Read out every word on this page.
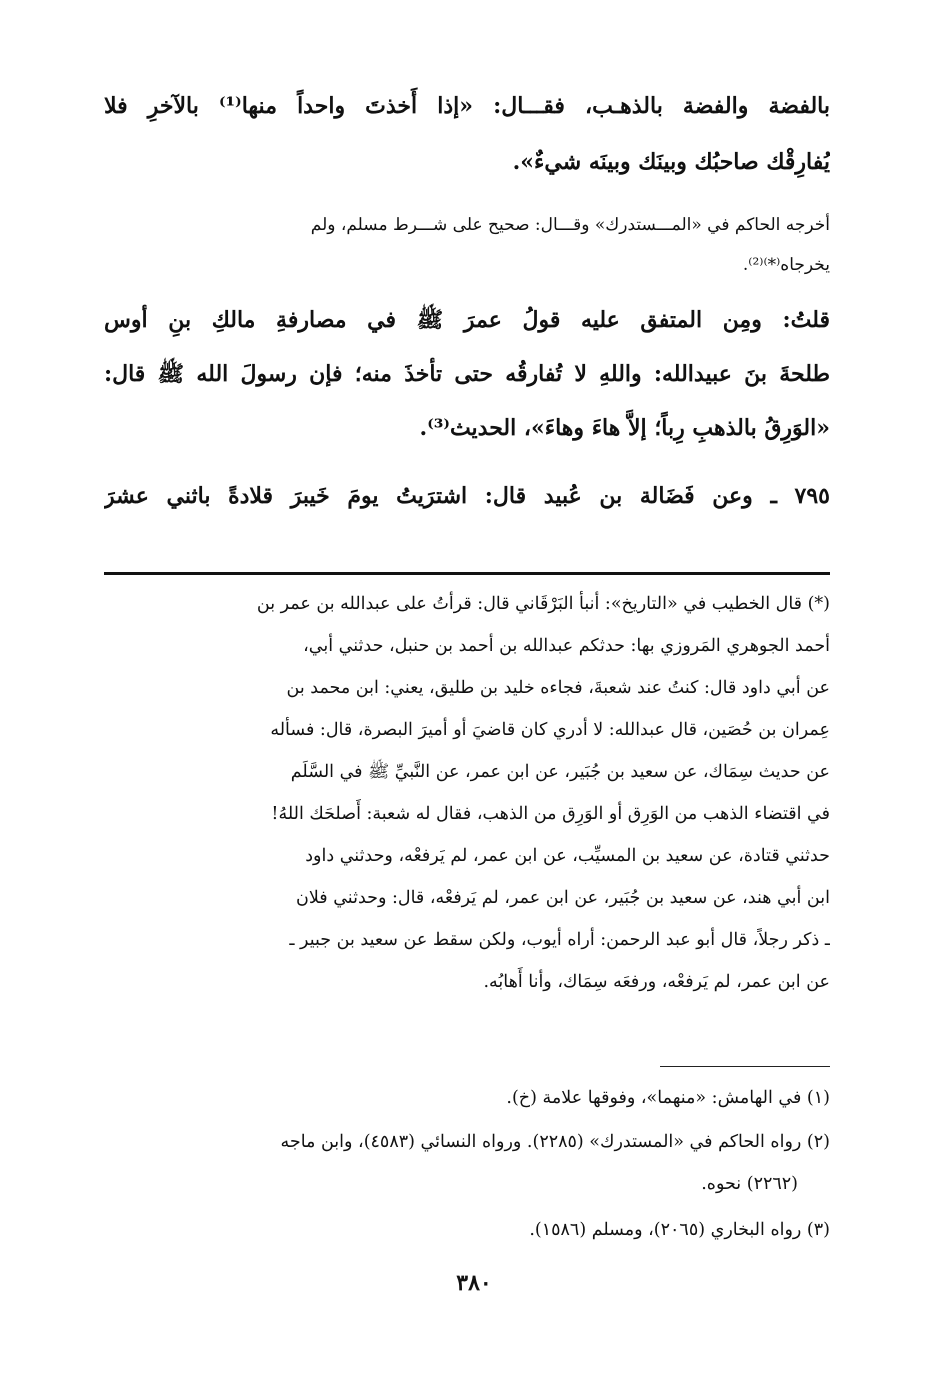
بالفضة والفضة بالذهـب، فقـــال: «إذا أَخذتَ واحداً منها⁽¹⁾ بالآخرِ فلا
يُفارِقْك صاحبُك وبينَك وبينَه شيءٌ».
أخرجه الحاكم في «المـــستدرك» وقـــال: صحيح على شـــرط مسلم، ولم
يخرجاه⁽*⁾⁽²⁾.
قلتُ: ومِن المتفق عليه قولُ عمرَ ﷺ في مصارفةِ مالكِ بنِ أوس
طلحةَ بنَ عبيدالله: واللهِ لا تُفارقُه حتى تأخذَ منه؛ فإن رسولَ الله ﷺ قال:
«الوَرِقُ بالذهبِ رِباً؛ إلاَّ هاءَ وهاءَ»، الحديث⁽³⁾.
٧٩٥ ـ وعن فَضَالة بن عُبيد قال: اشترَيتُ يومَ خَيبرَ قلادةً باثني عشرَ
(*) قال الخطيب في «التاريخ»: أنبأ البَرْقَاني قال: قرأتُ على عبدالله بن عمر بن
أحمد الجوهري المَروزي بها: حدثكم عبدالله بن أحمد بن حنبل، حدثني أبي،
عن أبي داود قال: كنتُ عند شعبةَ، فجاءه خليد بن طليق، يعني: ابن محمد بن
عِمران بن حُصَين، قال عبدالله: لا أدري كان قاضيَ أو أميرَ البصرة، قال: فسأله
عن حديث سِمَاك، عن سعيد بن جُبَير، عن ابن عمر، عن النَّبيِّ ﷺ في السَّلَم
في اقتضاء الذهب من الوَرِق أو الوَرِق من الذهب، فقال له شعبة: أَصلحَك اللهُ!
حدثني قتادة، عن سعيد بن المسيِّب، عن ابن عمر، لم يَرفعْه، وحدثني داود
ابن أبي هند، عن سعيد بن جُبَير، عن ابن عمر، لم يَرفعْه، قال: وحدثني فلان
ـ ذكر رجلاً، قال أبو عبد الرحمن: أراه أيوب، ولكن سقط عن سعيد بن جبير ـ
عن ابن عمر، لم يَرفعْه، ورفعَه سِمَاك، وأنا أَهابُه.
(١) في الهامش: «منهما»، وفوقها علامة (خ).
(٢) رواه الحاكم في «المستدرك» (٢٢٨٥). ورواه النسائي (٤٥٨٣)، وابن ماجه
(٢٢٦٢) نحوه.
(٣) رواه البخاري (٢٠٦٥)، ومسلم (١٥٨٦).
٣٨٠
